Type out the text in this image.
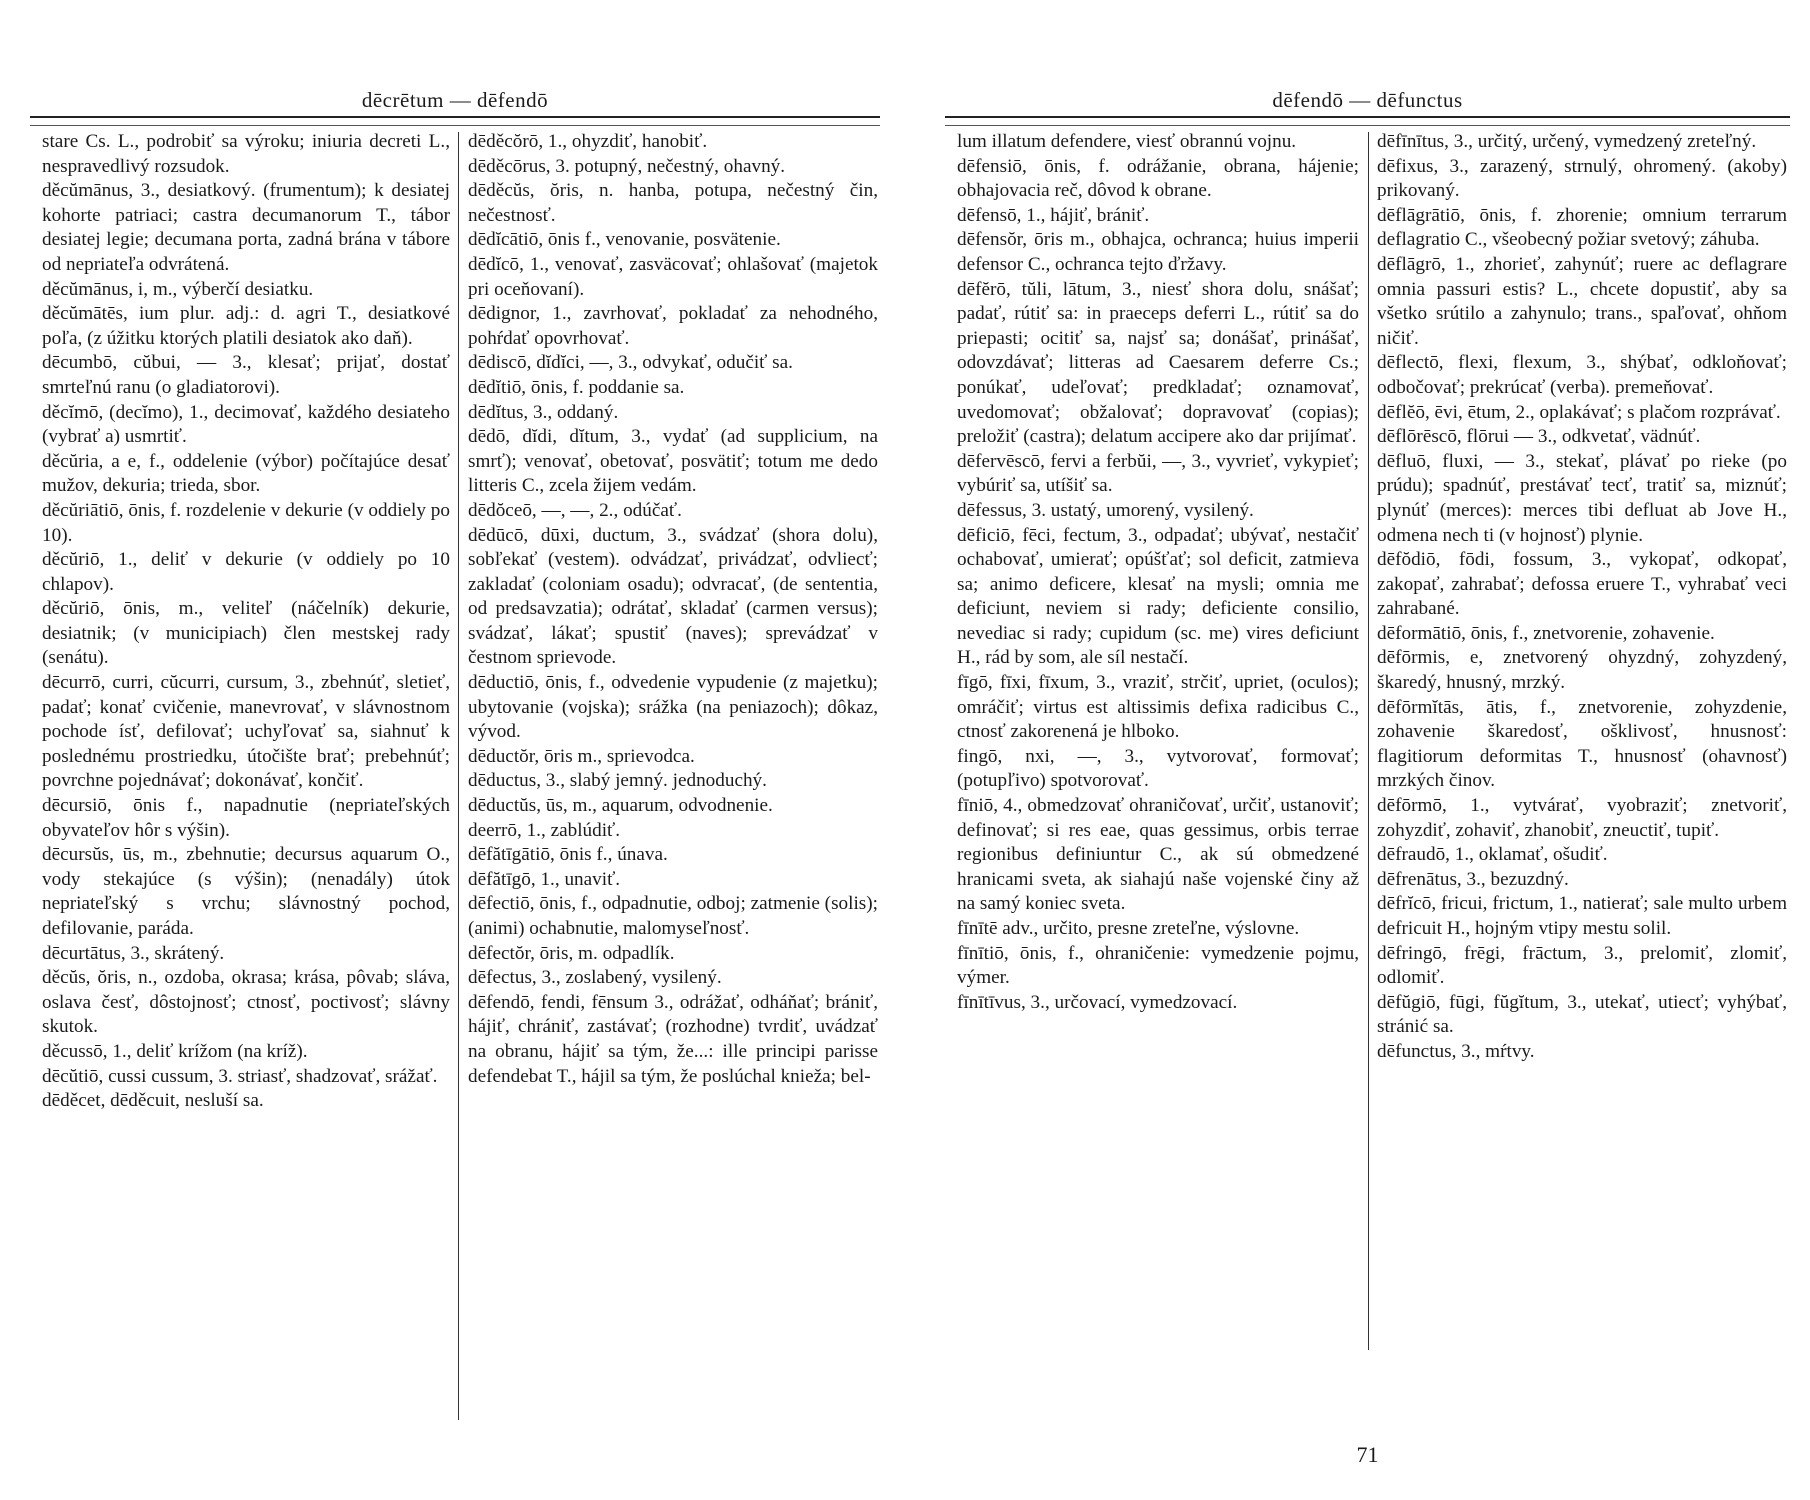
dēcrētum — dēfendō

stare Cs. L., podrobiť sa výroku; iniuria decreti L., nespravedlivý rozsudok.

děcŭmānus, 3., desiatkový. (frumentum); k desiatej kohorte patriaci; castra decumanorum T., tábor desiatej legie; decumana porta, zadná brána v tábore od nepriateľa odvrátená.

děcŭmānus, i, m., výberčí desiatku.

děcŭmātēs, ium plur. adj.: d. agri T., desiatkové poľa, (z úžitku ktorých platili desiatok ako daň).

dēcumbō, cŭbui, — 3., klesať; prijať, dostať smrteľnú ranu (o gladiatorovi).

děcĭmō, (decĭmo), 1., decimovať, každého desiateho (vybrať a) usmrtiť.

děcŭria, a e, f., oddelenie (výbor) počítajúce desať mužov, dekuria; trieda, sbor.

děcŭriātiō, ōnis, f. rozdelenie v dekurie (v oddiely po 10).

děcŭriō, 1., deliť v dekurie (v oddiely po 10 chlapov).

děcŭriō, ōnis, m., veliteľ (náčelník) dekurie, desiatnik; (v municipiach) člen mestskej rady (senátu).

dēcurrō, curri, cŭcurri, cursum, 3., zbehnúť, sletieť, padať; konať cvičenie, manevrovať, v slávnostnom pochode ísť, defilovať; uchyľovať sa, siahnuť k poslednému prostriedku, útočište brať; prebehnúť; povrchne pojednávať; dokonávať, končiť.

dēcursiō, ōnis f., napadnutie (nepriateľských obyvateľov hôr s výšin).

dēcursŭs, ūs, m., zbehnutie; decursus aquarum O., vody stekajúce (s výšin); (nenadály) útok nepriateľský s vrchu; slávnostný pochod, defilovanie, paráda.

dēcurtātus, 3., skrátený.

děcŭs, ŏris, n., ozdoba, okrasa; krása, pôvab; sláva, oslava česť, dôstojnosť; ctnosť, poctivosť; slávny skutok.

děcussō, 1., deliť krížom (na kríž).

dēcŭtiō, cussi cussum, 3. striasť, shadzovať, srážať.

dēděcet, dēděcuit, nesluší sa.

dēděcŏrō, 1., ohyzdiť, hanobiť.

dēděcōrus, 3. potupný, nečestný, ohavný.

dēděcŭs, ŏris, n. hanba, potupa, nečestný čin, nečestnosť.

dēdĭcātiō, ōnis f., venovanie, posvätenie.

dēdĭcō, 1., venovať, zasväcovať; ohlašovať (majetok pri oceňovaní).

dēdignor, 1., zavrhovať, pokladať za nehodného, pohŕdať opovrhovať.

dēdiscō, dĭdĭci, —, 3., odvykať, odučiť sa.

dēdĭtiō, ōnis, f. poddanie sa.

dēdĭtus, 3., oddaný.

dēdō, dĭdi, dĭtum, 3., vydať (ad supplicium, na smrť); venovať, obetovať, posvätiť; totum me dedo litteris C., zcela žijem vedám.

dēdŏceō, —, —, 2., odúčať.

dēdūcō, dūxi, ductum, 3., svádzať (shora dolu), sobľekať (vestem). odvádzať, privádzať, odvliecť; zakladať (coloniam osadu); odvracať, (de sententia, od predsavzatia); odrátať, skladať (carmen versus); svádzať, lákať; spustiť (naves); sprevádzať v čestnom sprievode.

dēductiō, ōnis, f., odvedenie vypudenie (z majetku); ubytovanie (vojska); srážka (na peniazoch); dôkaz, vývod.

dēductŏr, ōris m., sprievodca.

dēductus, 3., slabý jemný. jednoduchý.

dēductŭs, ūs, m., aquarum, odvodnenie.

deerrō, 1., zablúdiť.

dēfătīgātiō, ōnis f., únava.

dēfătīgō, 1., unaviť.

dēfectiō, ōnis, f., odpadnutie, odboj; zatmenie (solis); (animi) ochabnutie, malomyseľnosť.

dēfectŏr, ōris, m. odpadlík.

dēfectus, 3., zoslabený, vysilený.

dēfendō, fendi, fēnsum 3., odrážať, odháňať; brániť, hájiť, chrániť, zastávať; (rozhodne) tvrdiť, uvádzať na obranu, hájiť sa tým, že...: ille principi parisse defendebat T., hájil sa tým, že poslúchal knieža; bel-

dēfendō — dēfunctus

lum illatum defendere, viesť obrannú vojnu.

dēfensiō, ōnis, f. odrážanie, obrana, hájenie; obhajovacia reč, dôvod k obrane.

dēfensō, 1., hájiť, brániť.

dēfensŏr, ōris m., obhajca, ochranca; huius imperii defensor C., ochranca tejto ďržavy.

dēfĕrō, tŭli, lātum, 3., niesť shora dolu, snášať; padať, rútiť sa: in praeceps deferri L., rútiť sa do priepasti; ocitiť sa, najsť sa; donášať, prinášať, odovzdávať; litteras ad Caesarem deferre Cs.; ponúkať, udeľovať; predkladať; oznamovať, uvedomovať; obžalovať; dopravovať (copias); preložiť (castra); delatum accipere ako dar prijímať.

dēfervēscō, fervi a ferbŭi, —, 3., vyvrieť, vykypieť; vybúriť sa, utíšiť sa.

dēfessus, 3. ustatý, umorený, vysilený.

dēficiō, fēci, fectum, 3., odpadať; ubývať, nestačiť ochabovať, umierať; opúšťať; sol deficit, zatmieva sa; animo deficere, klesať na mysli; omnia me deficiunt, neviem si rady; deficiente consilio, nevediac si rady; cupidum (sc. me) vires deficiunt H., rád by som, ale síl nestačí.

fīgō, fīxi, fīxum, 3., vraziť, strčiť, upriet, (oculos); omráčiť; virtus est altissimis defixa radicibus C., ctnosť zakorenená je hlboko.

fingō, nxi, —, 3., vytvorovať, formovať; (potupľivo) spotvorovať.

fīniō, 4., obmedzovať ohraničovať, určiť, ustanoviť; definovať; si res eae, quas gessimus, orbis terrae regionibus definiuntur C., ak sú obmedzené hranicami sveta, ak siahajú naše vojenské činy až na samý koniec sveta.

fīnītē adv., určito, presne zreteľne, výslovne.

fīnītiō, ōnis, f., ohraničenie: vymedzenie pojmu, výmer.

fīnītīvus, 3., určovací, vymedzovací.

dēfīnītus, 3., určitý, určený, vymedzený zreteľný.

dēfixus, 3., zarazený, strnulý, ohromený. (akoby) prikovaný.

dēflāgrātiō, ōnis, f. zhorenie; omnium terrarum deflagratio C., všeobecný požiar svetový; záhuba.

dēflāgrō, 1., zhorieť, zahynúť; ruere ac deflagrare omnia passuri estis? L., chcete dopustiť, aby sa všetko srútilo a zahynulo; trans., spaľovať, ohňom ničiť.

dēflectō, flexi, flexum, 3., shýbať, odkloňovať; odbočovať; prekrúcať (verba). premeňovať.

dēflĕō, ēvi, ētum, 2., oplakávať; s plačom rozprávať.

dēflōrēscō, flōrui — 3., odkvetať, vädnúť.

dēfluō, fluxi, — 3., stekať, plávať po rieke (po prúdu); spadnúť, prestávať tecť, tratiť sa, miznúť; plynúť (merces): merces tibi defluat ab Jove H., odmena nech ti (v hojnosť) plynie.

dēfŏdiō, fōdi, fossum, 3., vykopať, odkopať, zakopať, zahrabať; defossa eruere T., vyhrabať veci zahrabané.

dēformātiō, ōnis, f., znetvorenie, zohavenie.

dēfōrmis, e, znetvorený ohyzdný, zohyzdený, škaredý, hnusný, mrzký.

dēfōrmĭtās, ātis, f., znetvorenie, zohyzdenie, zohavenie škaredosť, ošklivosť, hnusnosť: flagitiorum deformitas T., hnusnosť (ohavnosť) mrzkých činov.

dēfōrmō, 1., vytvárať, vyobraziť; znetvoriť, zohyzdiť, zohaviť, zhanobiť, zneuctiť, tupiť.

dēfraudō, 1., oklamať, ošudiť.

dēfrenātus, 3., bezuzdný.

dēfrĭcō, fricui, frictum, 1., natierať; sale multo urbem defricuit H., hojným vtipy mestu solil.

dēfringō, frēgi, frāctum, 3., prelomiť, zlomiť, odlomiť.

dēfŭgiō, fūgi, fŭgĭtum, 3., utekať, utiecť; vyhýbať, stránić sa.

dēfunctus, 3., mŕtvy.

71
